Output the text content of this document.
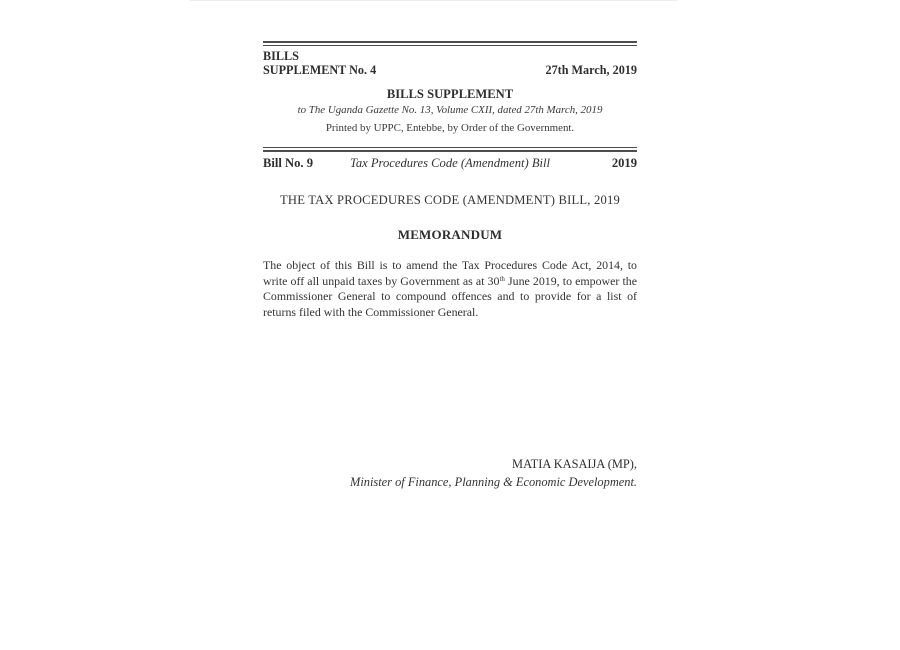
BILLS
SUPPLEMENT No. 4	27th March, 2019
BILLS SUPPLEMENT
to The Uganda Gazette No. 13, Volume CXII, dated 27th March, 2019
Printed by UPPC, Entebbe, by Order of the Government.
Bill No. 9	Tax Procedures Code (Amendment) Bill	2019
THE TAX PROCEDURES CODE (AMENDMENT) BILL, 2019
MEMORANDUM
The object of this Bill is to amend the Tax Procedures Code Act, 2014, to write off all unpaid taxes by Government as at 30th June 2019, to empower the Commissioner General to compound offences and to provide for a list of returns filed with the Commissioner General.
MATIA KASAIJA (MP),
Minister of Finance, Planning & Economic Development.
